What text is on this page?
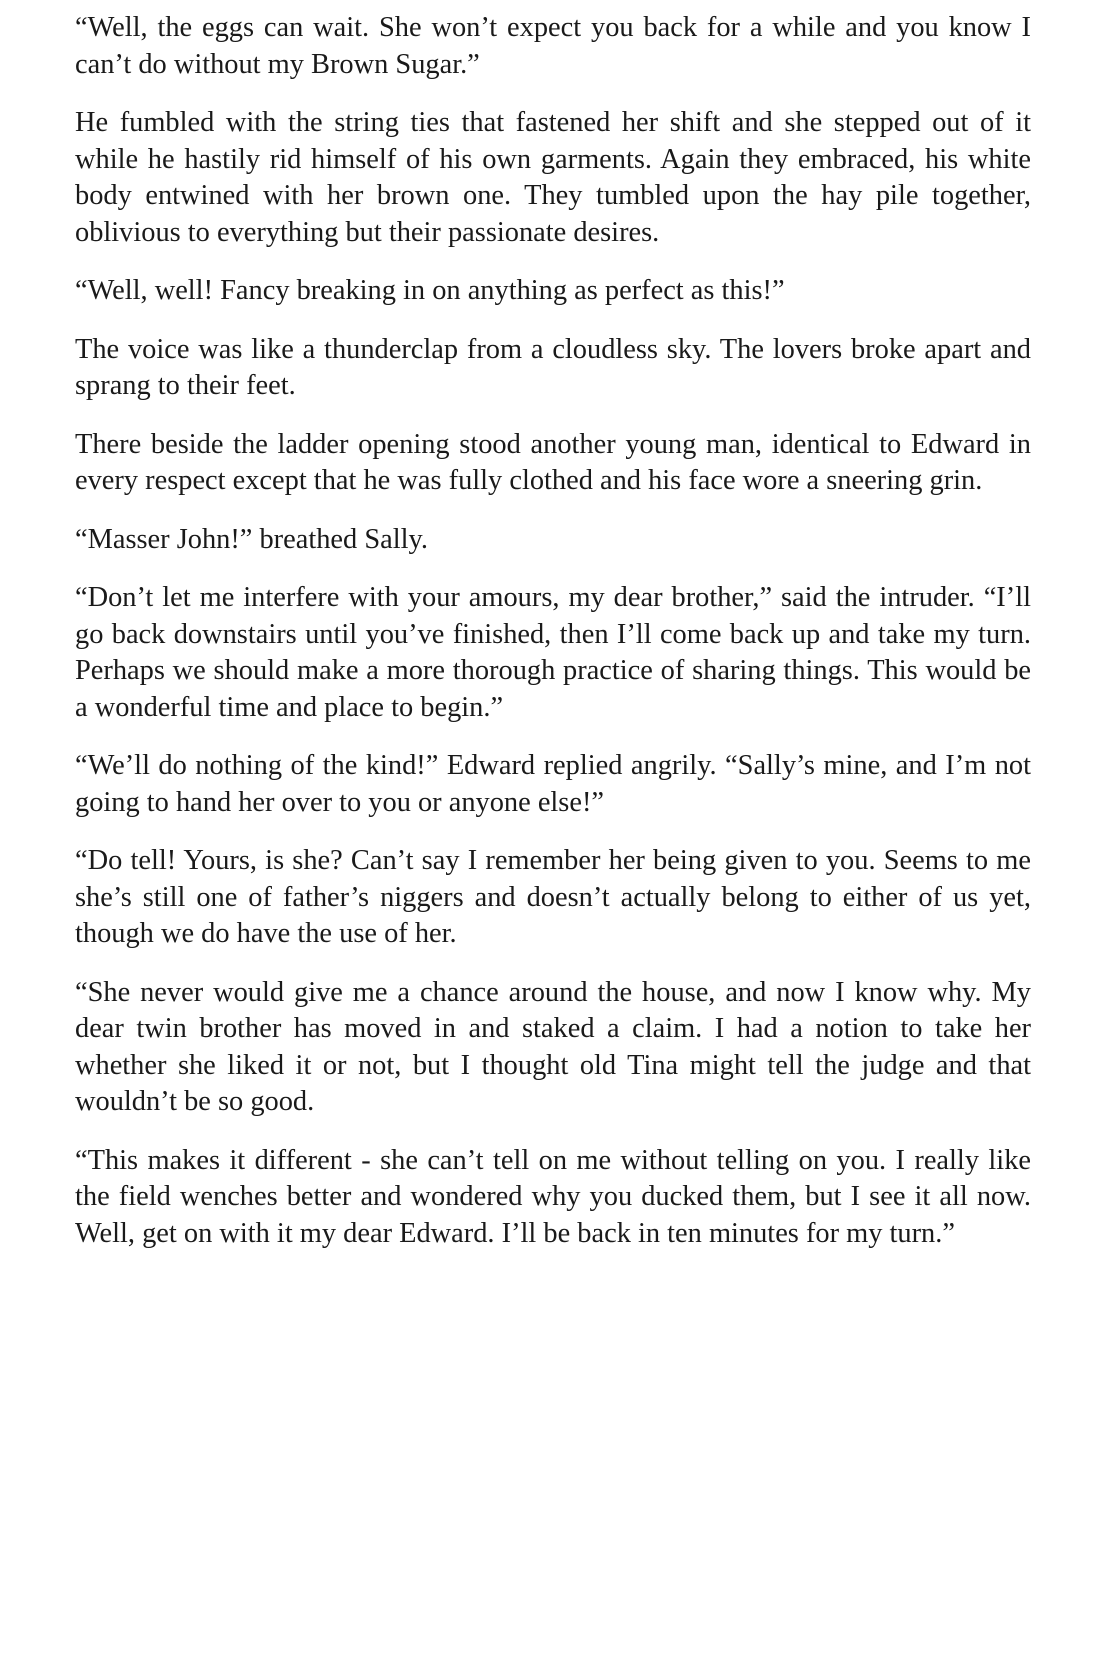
“Well, the eggs can wait. She won’t expect you back for a while and you know I can’t do without my Brown Sugar.”

He fumbled with the string ties that fastened her shift and she stepped out of it while he hastily rid himself of his own garments. Again they embraced, his white body entwined with her brown one. They tumbled upon the hay pile together, oblivious to everything but their passionate desires.

“Well, well! Fancy breaking in on anything as perfect as this!”

The voice was like a thunderclap from a cloudless sky. The lovers broke apart and sprang to their feet.

There beside the ladder opening stood another young man, identical to Edward in every respect except that he was fully clothed and his face wore a sneering grin.

“Masser John!” breathed Sally.

“Don’t let me interfere with your amours, my dear brother,” said the intruder. “I’ll go back downstairs until you’ve finished, then I’ll come back up and take my turn. Perhaps we should make a more thorough practice of sharing things. This would be a wonderful time and place to begin.”

“We’ll do nothing of the kind!” Edward replied angrily. “Sally’s mine, and I’m not going to hand her over to you or anyone else!”

“Do tell! Yours, is she? Can’t say I remember her being given to you. Seems to me she’s still one of father’s niggers and doesn’t actually belong to either of us yet, though we do have the use of her.

“She never would give me a chance around the house, and now I know why. My dear twin brother has moved in and staked a claim. I had a notion to take her whether she liked it or not, but I thought old Tina might tell the judge and that wouldn’t be so good.

“This makes it different - she can’t tell on me without telling on you. I really like the field wenches better and wondered why you ducked them, but I see it all now. Well, get on with it my dear Edward. I’ll be back in ten minutes for my turn.”
